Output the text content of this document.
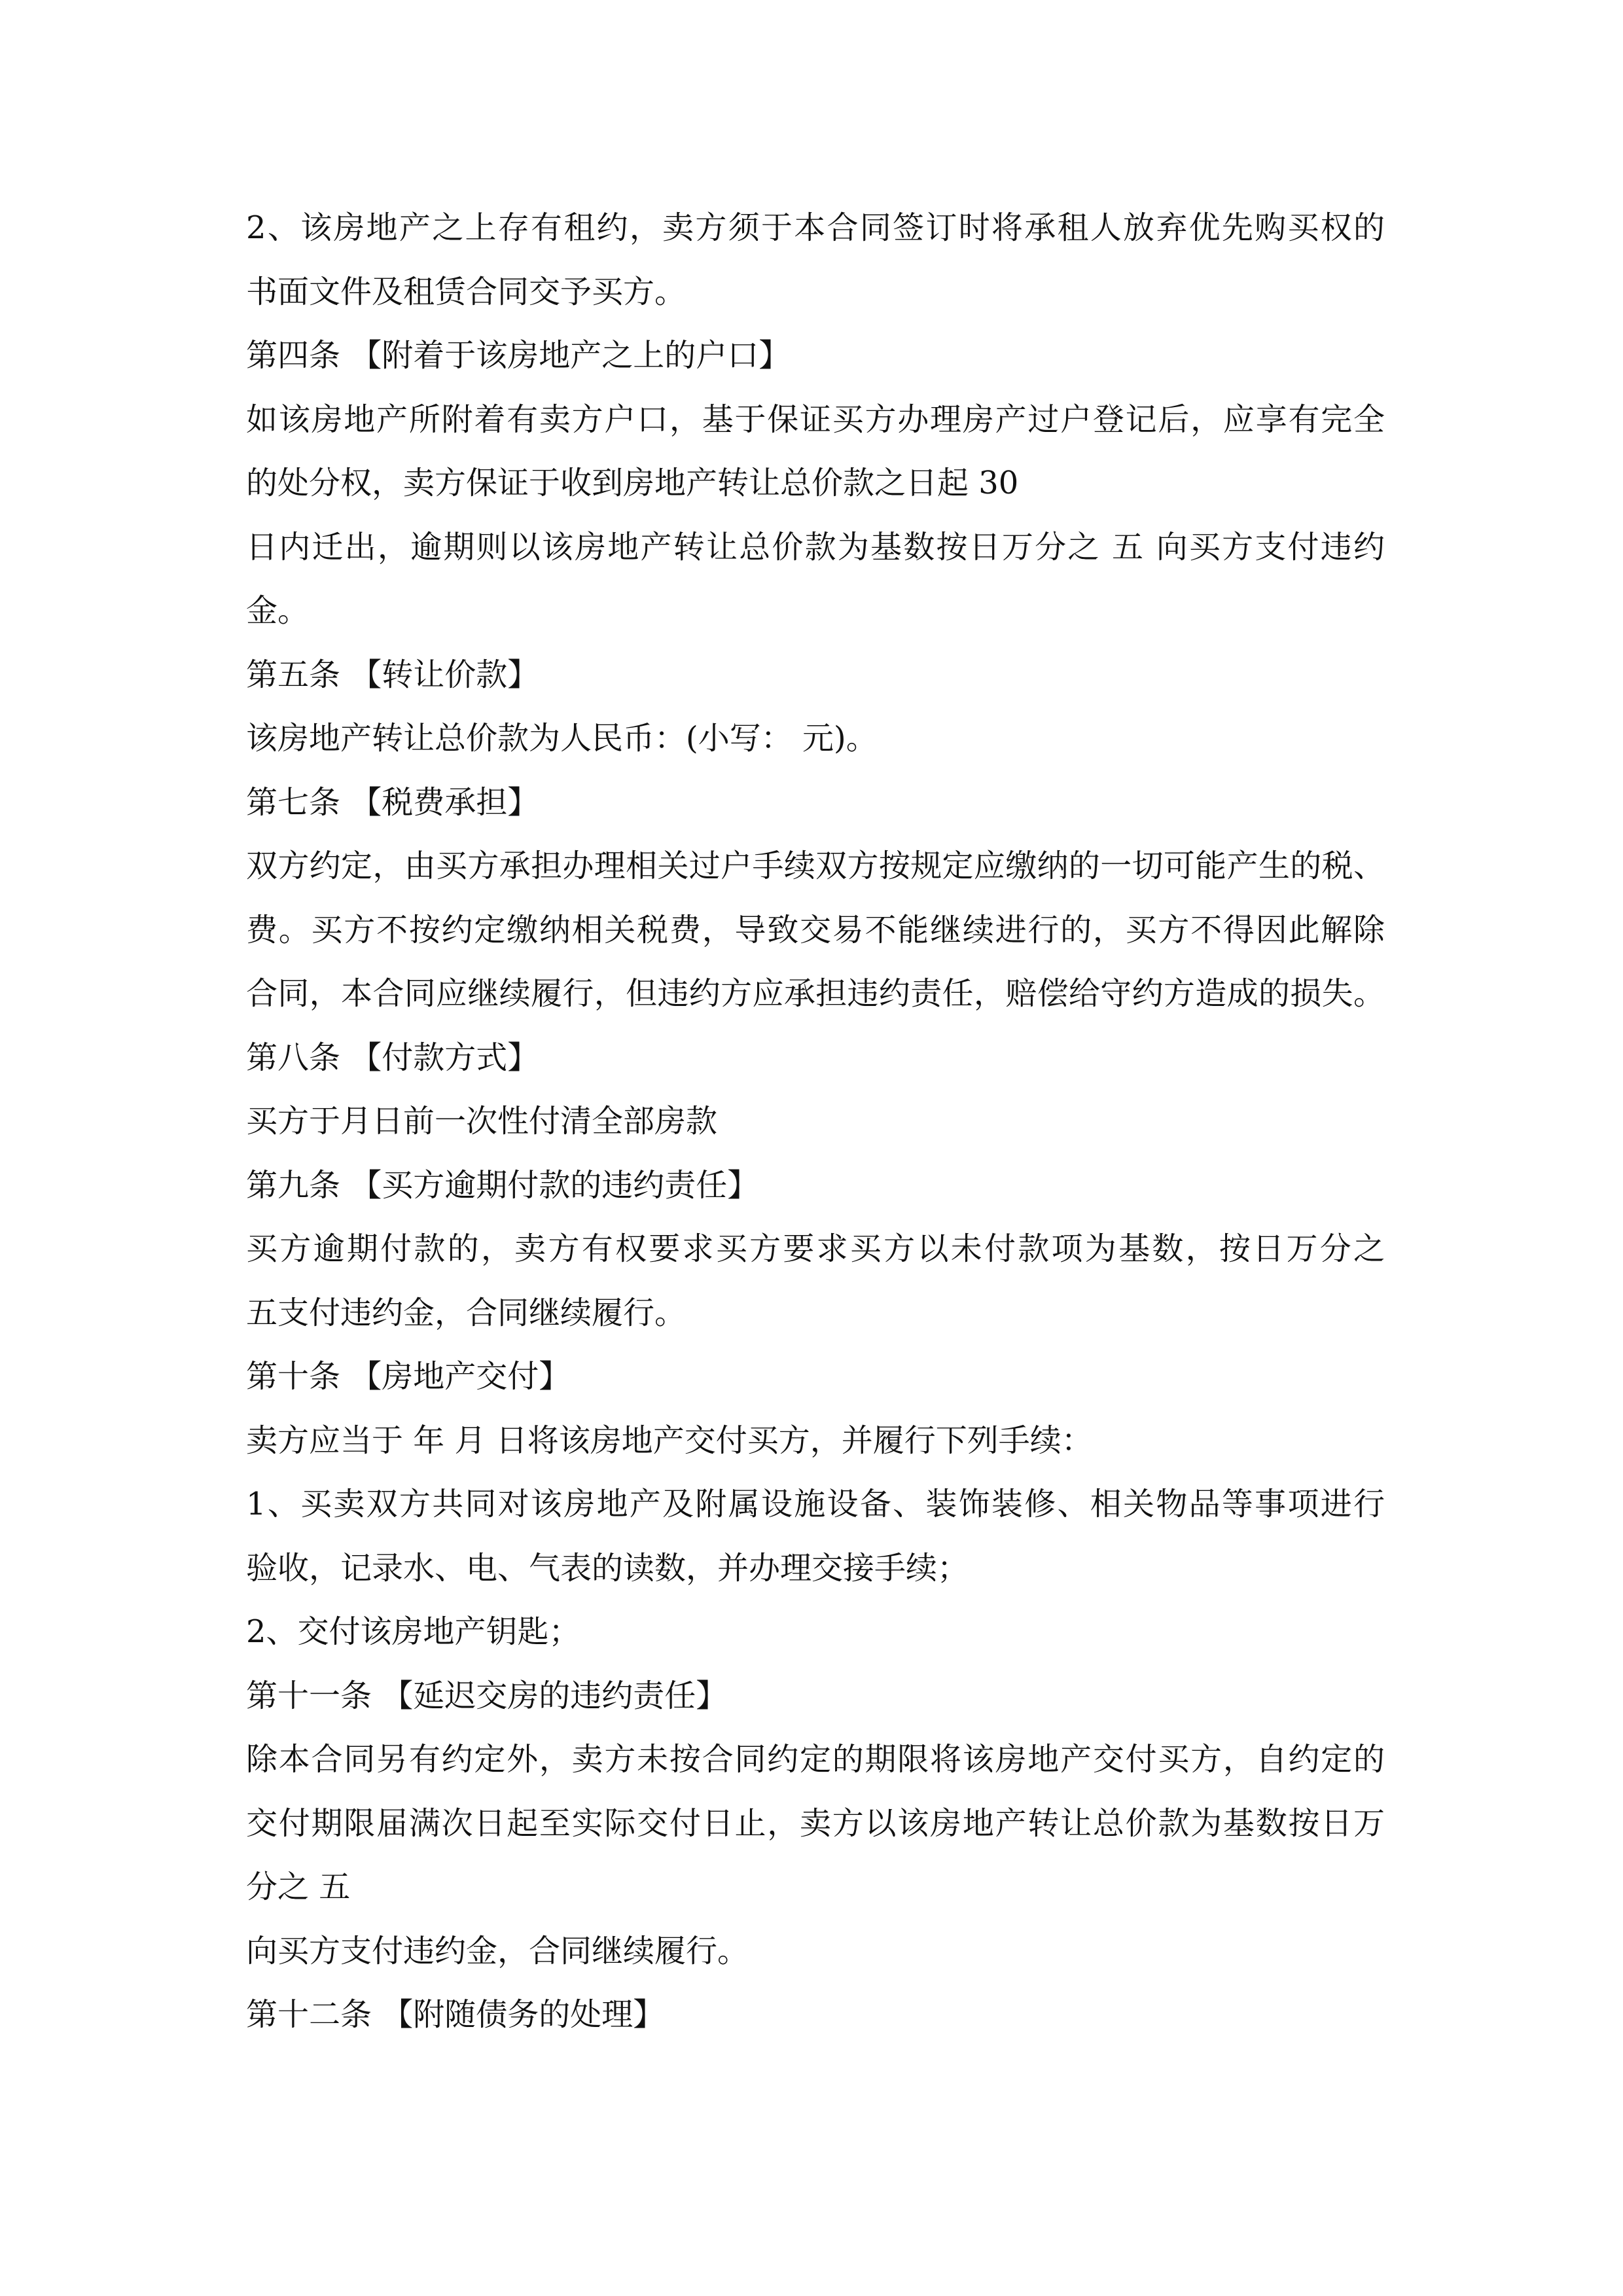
2、该房地产之上存有租约，卖方须于本合同签订时将承租人放弃优先购买权的
书面文件及租赁合同交予买方。
第四条 【附着于该房地产之上的户口】
如该房地产所附着有卖方户口，基于保证买方办理房产过户登记后，应享有完全
的处分权，卖方保证于收到房地产转让总价款之日起 30
日内迁出，逾期则以该房地产转让总价款为基数按日万分之 五 向买方支付违约
金。
第五条 【转让价款】
该房地产转让总价款为人民币：(小写： 元)。
第七条 【税费承担】
双方约定，由买方承担办理相关过户手续双方按规定应缴纳的一切可能产生的税、
费。买方不按约定缴纳相关税费，导致交易不能继续进行的，买方不得因此解除
合同，本合同应继续履行，但违约方应承担违约责任，赔偿给守约方造成的损失。
第八条 【付款方式】
买方于月日前一次性付清全部房款
第九条 【买方逾期付款的违约责任】
买方逾期付款的，卖方有权要求买方要求买方以未付款项为基数，按日万分之
五支付违约金，合同继续履行。
第十条 【房地产交付】
卖方应当于 年 月 日将该房地产交付买方，并履行下列手续：
1、买卖双方共同对该房地产及附属设施设备、装饰装修、相关物品等事项进行
验收，记录水、电、气表的读数，并办理交接手续；
2、交付该房地产钥匙；
第十一条 【延迟交房的违约责任】
除本合同另有约定外，卖方未按合同约定的期限将该房地产交付买方，自约定的
交付期限届满次日起至实际交付日止，卖方以该房地产转让总价款为基数按日万
分之 五
向买方支付违约金，合同继续履行。
第十二条 【附随债务的处理】
